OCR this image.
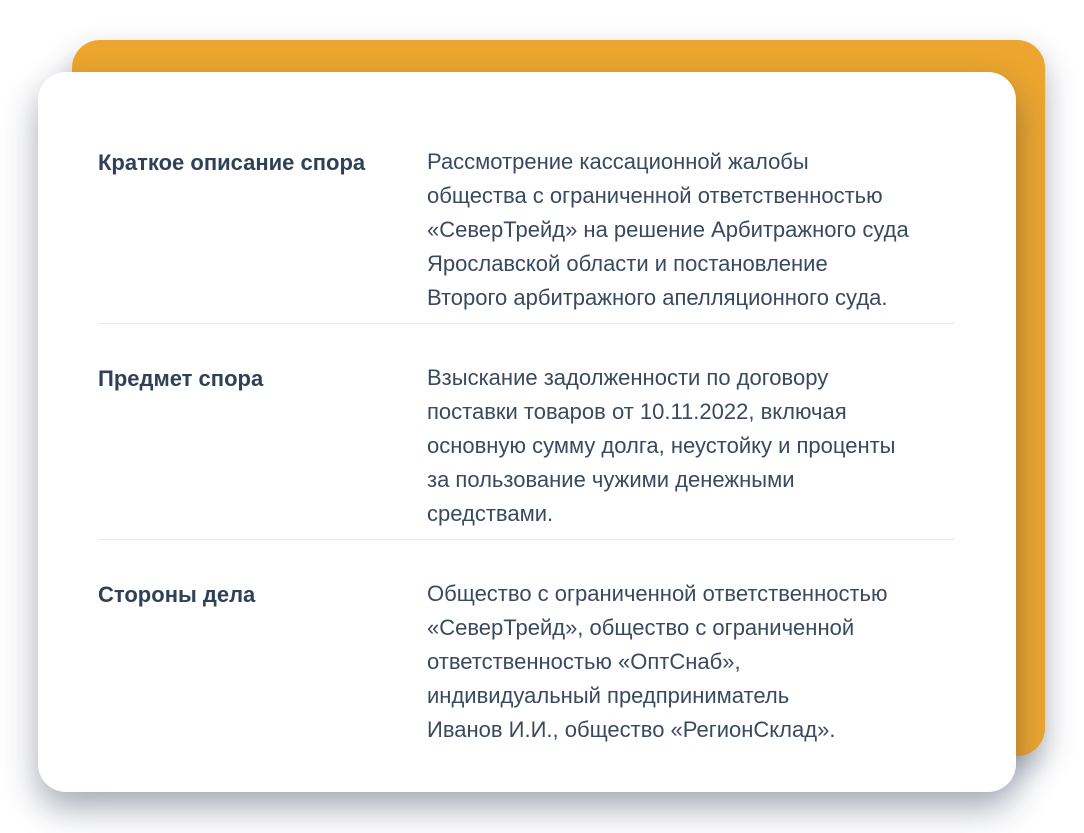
Краткое описание спора	Рассмотрение кассационной жалобы
общества с ограниченной ответственностью
«СеверТрейд» на решение Арбитражного суда
Ярославской области и постановление
Второго арбитражного апелляционного суда.
Предмет спора	Взыскание задолженности по договору
поставки товаров от 10.11.2022, включая
основную сумму долга, неустойку и проценты
за пользование чужими денежными
средствами.
Стороны дела	Общество с ограниченной ответственностью
«СеверТрейд», общество с ограниченной
ответственностью «ОптСнаб»,
индивидуальный предприниматель
Иванов И.И., общество «РегионСклад».
